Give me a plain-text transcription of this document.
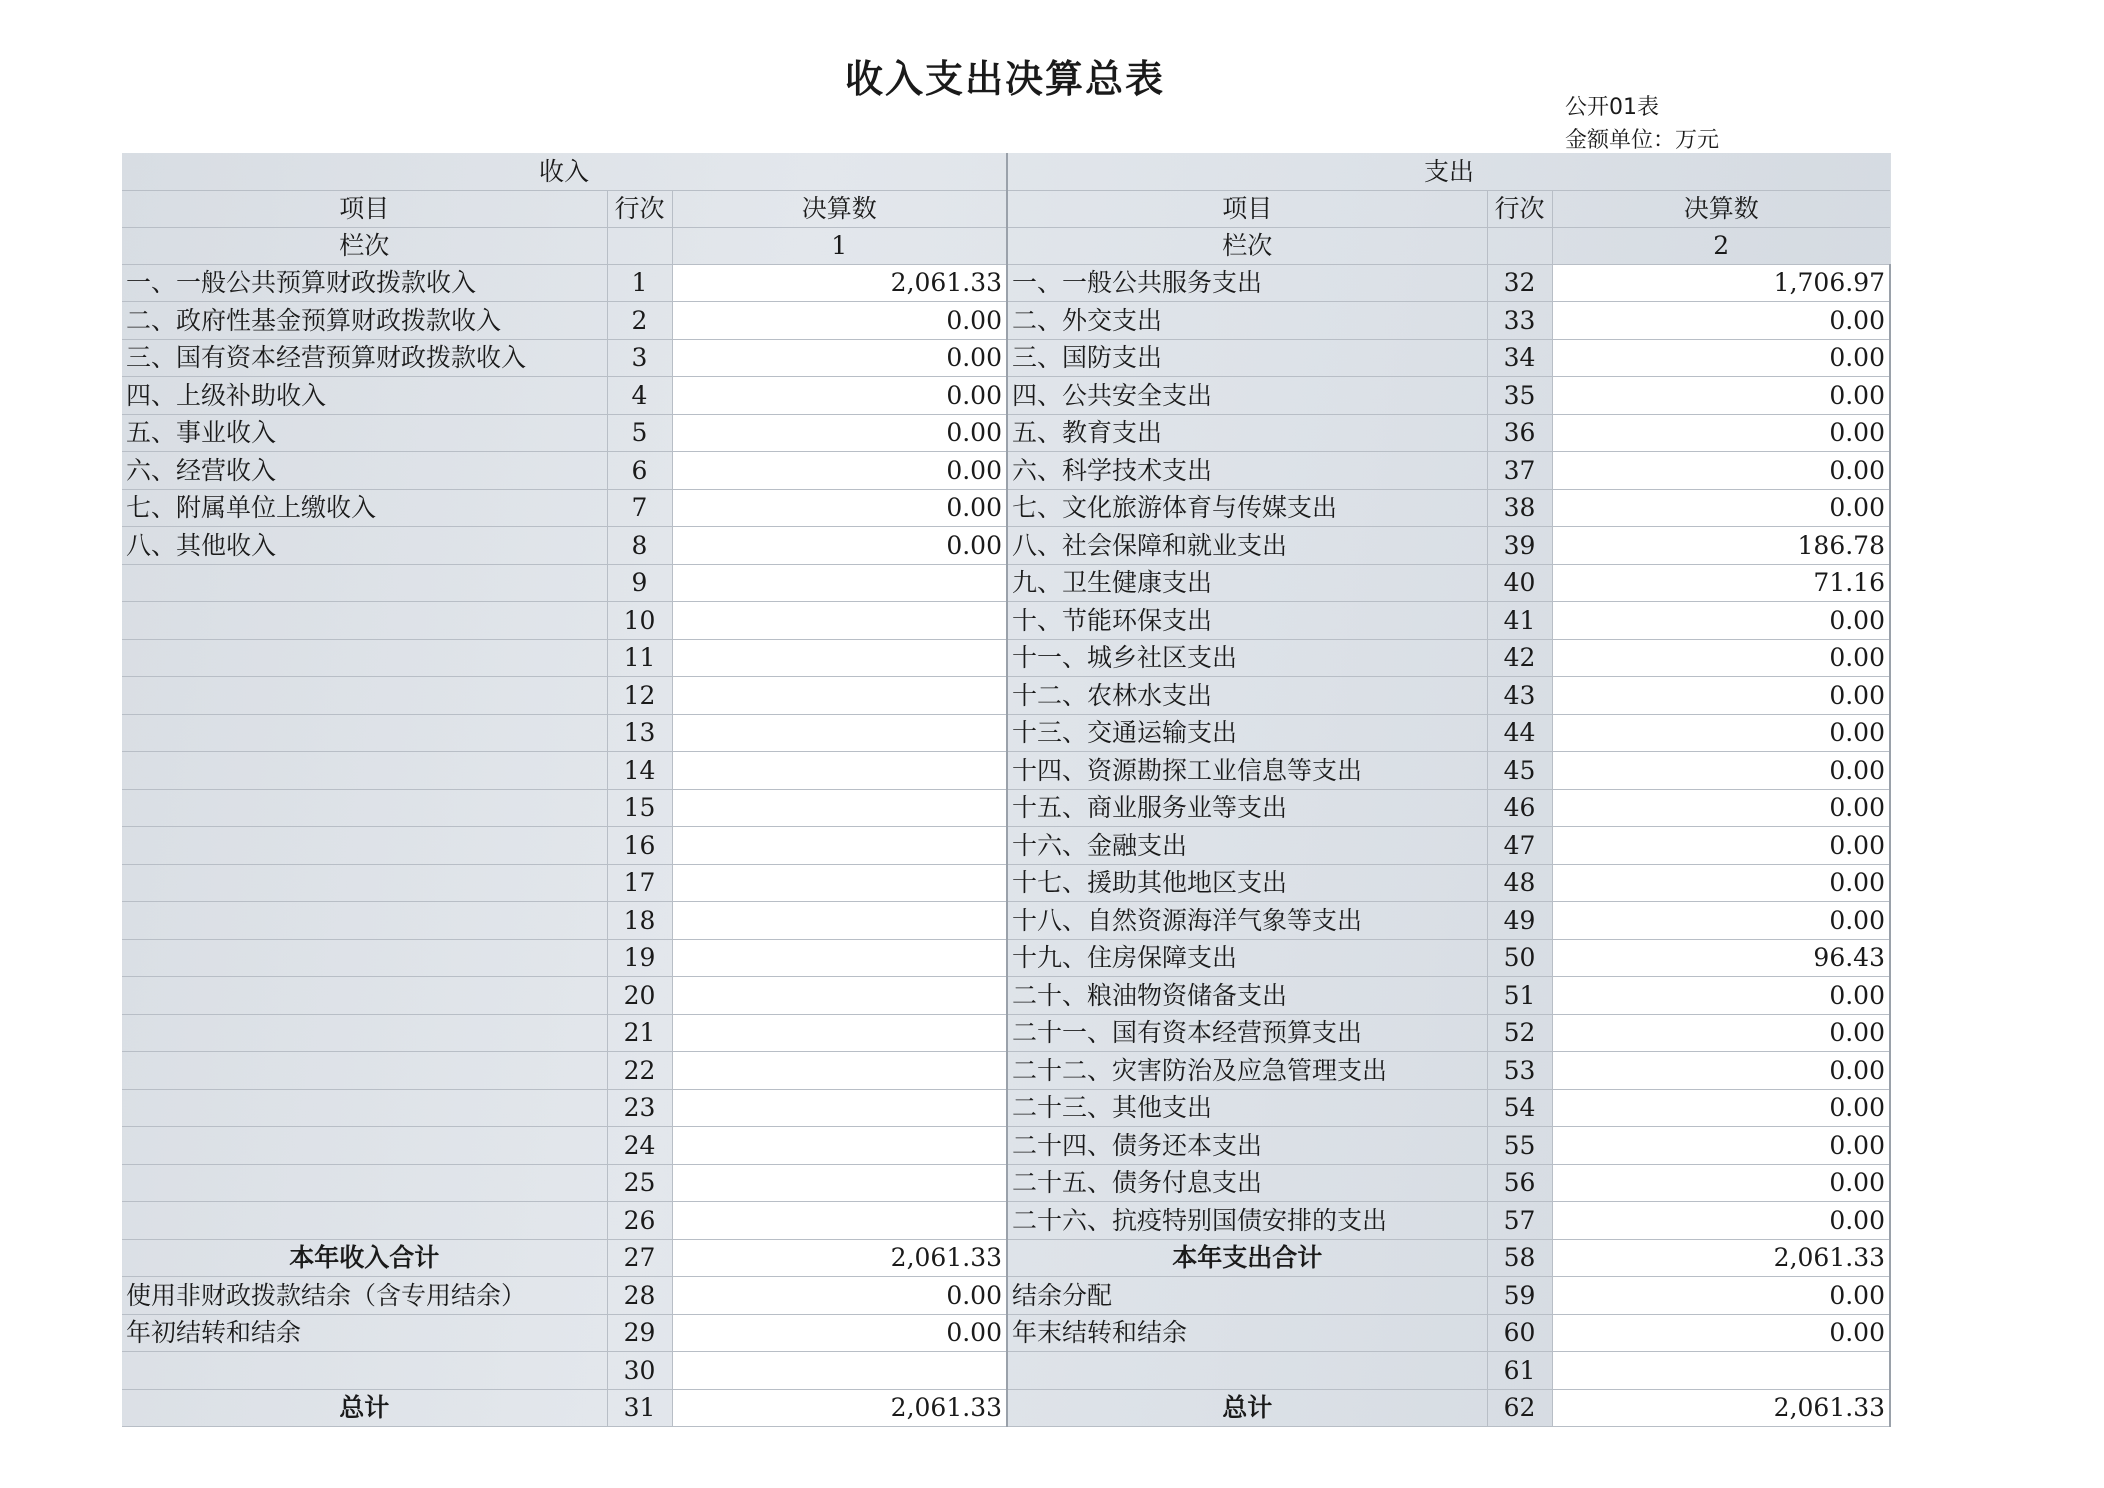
收入支出决算总表
公开01表
金额单位：万元
收入			支出		
项目	行次	决算数	项目	行次	决算数
栏次		1	栏次		2
一、一般公共预算财政拨款收入	1	2,061.33	一、一般公共服务支出	32	1,706.97
二、政府性基金预算财政拨款收入	2	0.00	二、外交支出	33	0.00
三、国有资本经营预算财政拨款收入	3	0.00	三、国防支出	34	0.00
四、上级补助收入	4	0.00	四、公共安全支出	35	0.00
五、事业收入	5	0.00	五、教育支出	36	0.00
六、经营收入	6	0.00	六、科学技术支出	37	0.00
七、附属单位上缴收入	7	0.00	七、文化旅游体育与传媒支出	38	0.00
八、其他收入	8	0.00	八、社会保障和就业支出	39	186.78
	9		九、卫生健康支出	40	71.16
	10		十、节能环保支出	41	0.00
	11		十一、城乡社区支出	42	0.00
	12		十二、农林水支出	43	0.00
	13		十三、交通运输支出	44	0.00
	14		十四、资源勘探工业信息等支出	45	0.00
	15		十五、商业服务业等支出	46	0.00
	16		十六、金融支出	47	0.00
	17		十七、援助其他地区支出	48	0.00
	18		十八、自然资源海洋气象等支出	49	0.00
	19		十九、住房保障支出	50	96.43
	20		二十、粮油物资储备支出	51	0.00
	21		二十一、国有资本经营预算支出	52	0.00
	22		二十二、灾害防治及应急管理支出	53	0.00
	23		二十三、其他支出	54	0.00
	24		二十四、债务还本支出	55	0.00
	25		二十五、债务付息支出	56	0.00
	26		二十六、抗疫特别国债安排的支出	57	0.00
本年收入合计	27	2,061.33	本年支出合计	58	2,061.33
使用非财政拨款结余（含专用结余）	28	0.00	结余分配	59	0.00
年初结转和结余	29	0.00	年末结转和结余	60	0.00
	30			61	
总计	31	2,061.33	总计	62	2,061.33
